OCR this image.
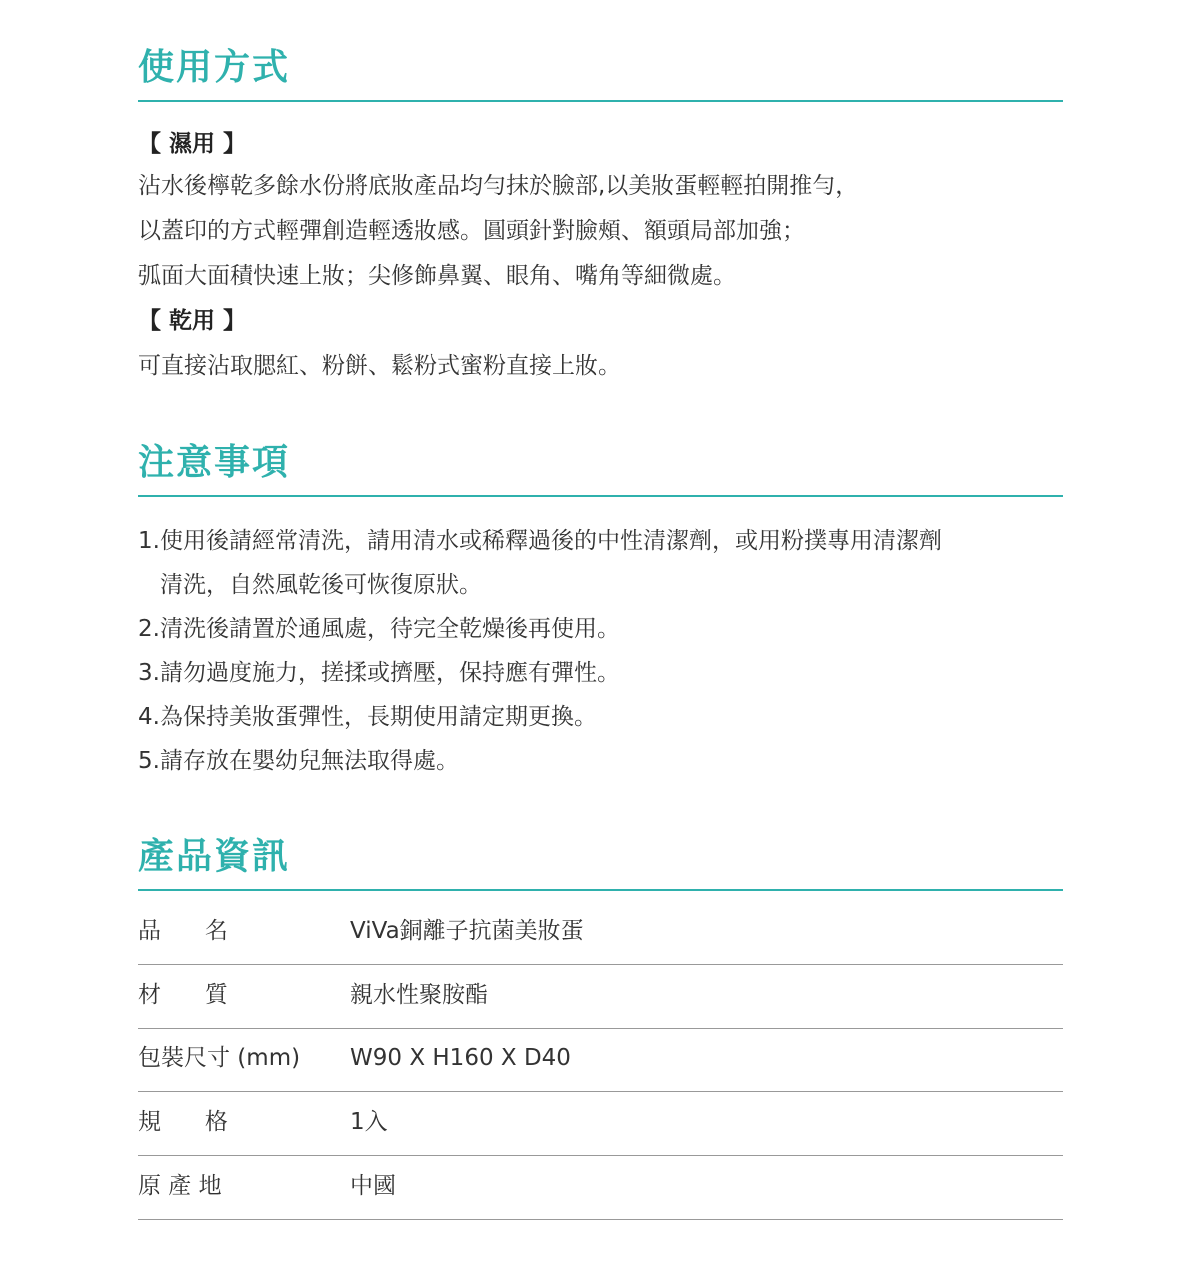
使用方式
【 濕用 】
沾水後檸乾多餘水份將底妝產品均勻抹於臉部,以美妝蛋輕輕拍開推勻，
以蓋印的方式輕彈創造輕透妝感。圓頭針對臉頰、額頭局部加強；
弧面大面積快速上妝；尖修飾鼻翼、眼角、嘴角等細微處。
【 乾用 】
可直接沾取腮紅、粉餅、鬆粉式蜜粉直接上妝。
注意事項
1.使用後請經常清洗，請用清水或稀釋過後的中性清潔劑，或用粉撲專用清潔劑
清洗，自然風乾後可恢復原狀。
2.清洗後請置於通風處，待完全乾燥後再使用。
3.請勿過度施力，搓揉或擠壓，保持應有彈性。
4.為保持美妝蛋彈性，長期使用請定期更換。
5.請存放在嬰幼兒無法取得處。
產品資訊
品      名	ViVa銅離子抗菌美妝蛋
材      質	親水性聚胺酯
包裝尺寸 (mm) W90 X H160 X D40
規      格	1入
原 產 地	中國
